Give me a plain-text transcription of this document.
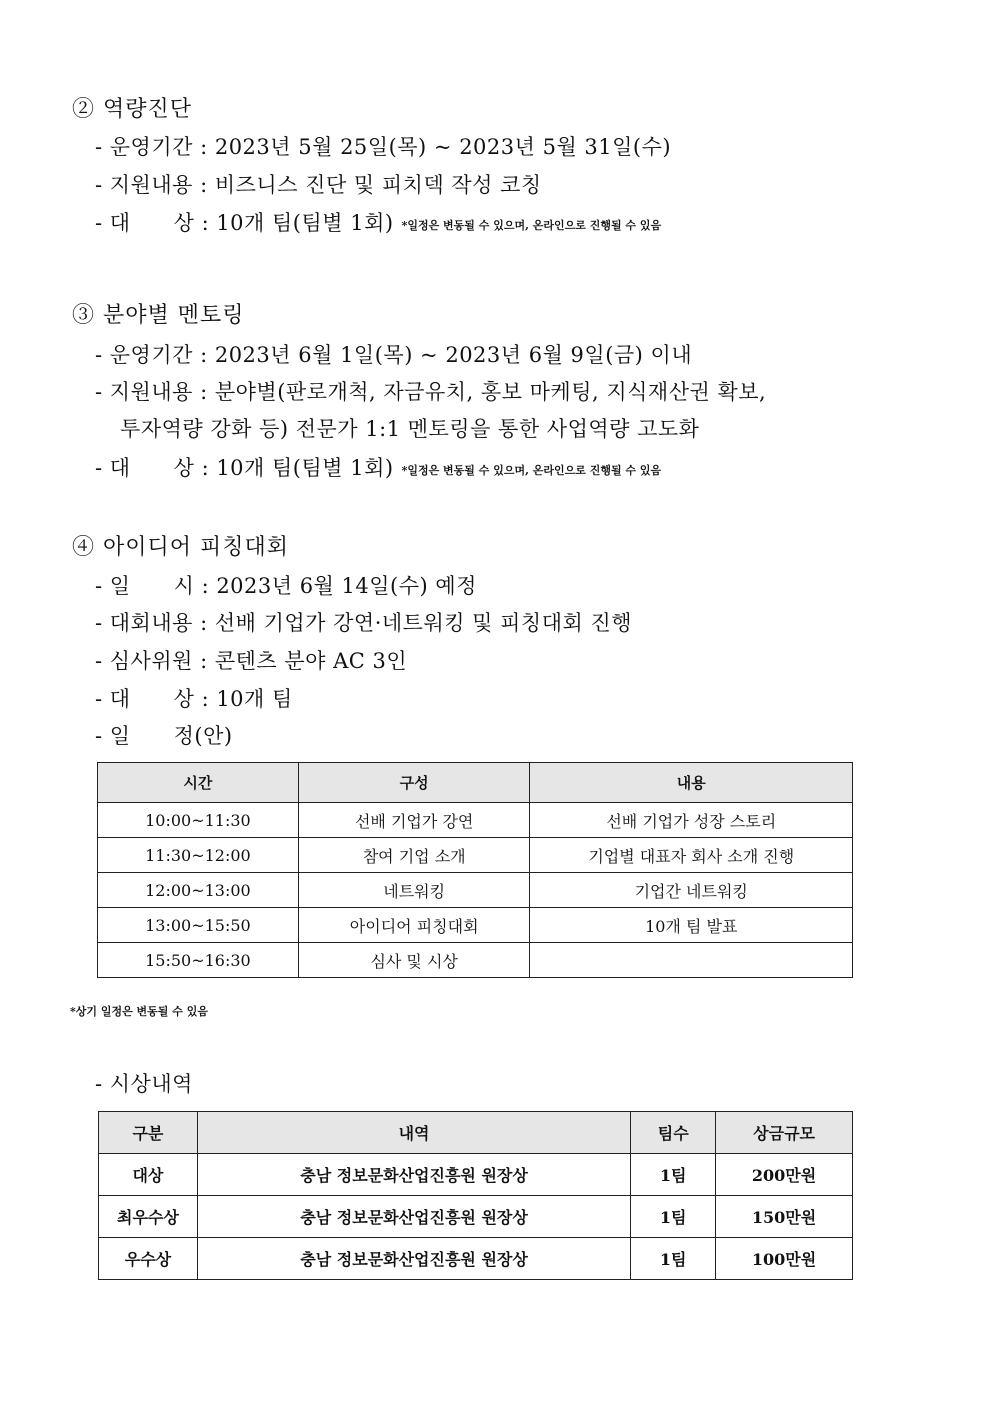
② 역량진단
- 운영기간 : 2023년 5월 25일(목) ~ 2023년 5월 31일(수)
- 지원내용 : 비즈니스 진단 및 피치덱 작성 코칭
- 대      상 : 10개 팀(팀별 1회) *일정은 변동될 수 있으며, 온라인으로 진행될 수 있음
③ 분야별 멘토링
- 운영기간 : 2023년 6월 1일(목) ~ 2023년 6월 9일(금) 이내
- 지원내용 : 분야별(판로개척, 자금유치, 홍보 마케팅, 지식재산권 확보,
투자역량 강화 등) 전문가 1:1 멘토링을 통한 사업역량 고도화
- 대      상 : 10개 팀(팀별 1회) *일정은 변동될 수 있으며, 온라인으로 진행될 수 있음
④ 아이디어 피칭대회
- 일      시 : 2023년 6월 14일(수) 예정
- 대회내용 : 선배 기업가 강연·네트워킹 및 피칭대회 진행
- 심사위원 : 콘텐츠 분야 AC 3인
- 대      상 : 10개 팀
- 일      정(안)
시간	구성	내용
10:00~11:30	선배 기업가 강연	선배 기업가 성장 스토리
11:30~12:00	참여 기업 소개	기업별 대표자 회사 소개 진행
12:00~13:00	네트워킹	기업간 네트워킹
13:00~15:50	아이디어 피칭대회	10개 팀 발표
15:50~16:30	심사 및 시상	
*상기 일정은 변동될 수 있음
- 시상내역
구분	내역	팀수	상금규모
대상	충남 정보문화산업진흥원 원장상	1팀	200만원
최우수상	충남 정보문화산업진흥원 원장상	1팀	150만원
우수상	충남 정보문화산업진흥원 원장상	1팀	100만원
